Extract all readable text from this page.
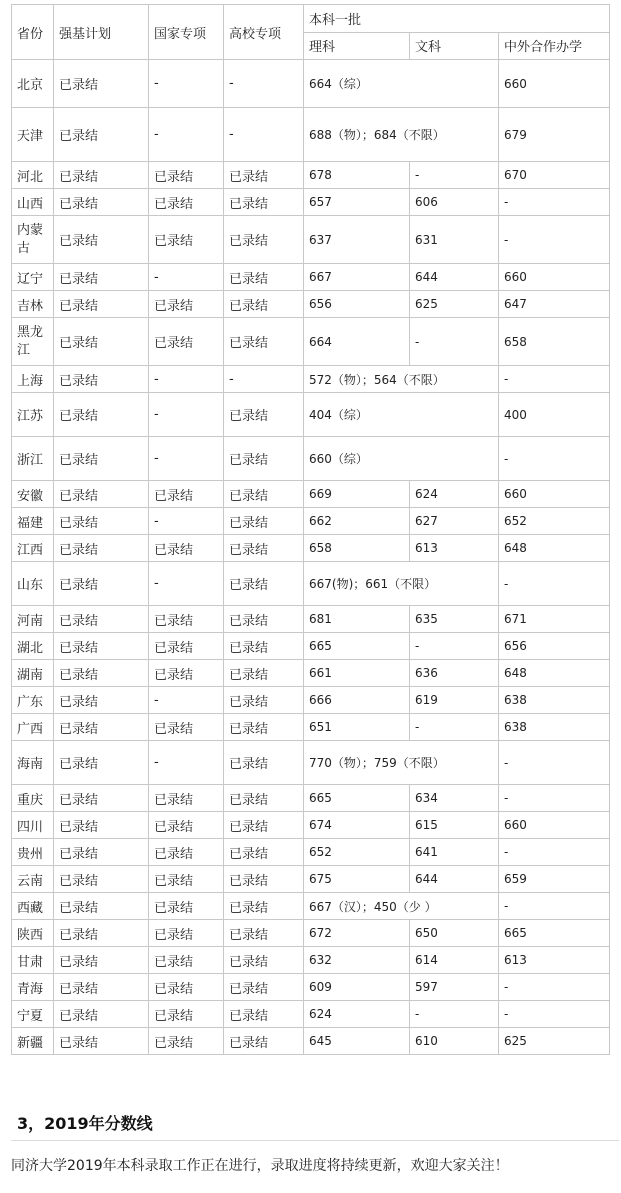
省份	强基计划	国家专项	高校专项	本科一批		
				理科	文科	中外合作办学
北京	已录结	-	-	664（综）		660
天津	已录结	-	-	688（物）；684（不限）		679
河北	已录结	已录结	已录结	678	-	670
山西	已录结	已录结	已录结	657	606	-
内蒙古	已录结	已录结	已录结	637	631	-
辽宁	已录结	-	已录结	667	644	660
吉林	已录结	已录结	已录结	656	625	647
黑龙江	已录结	已录结	已录结	664	-	658
上海	已录结	-	-	572（物）；564（不限）		-
江苏	已录结	-	已录结	404（综）		400
浙江	已录结	-	已录结	660（综）		-
安徽	已录结	已录结	已录结	669	624	660
福建	已录结	-	已录结	662	627	652
江西	已录结	已录结	已录结	658	613	648
山东	已录结	-	已录结	667(物)；661（不限）		-
河南	已录结	已录结	已录结	681	635	671
湖北	已录结	已录结	已录结	665	-	656
湖南	已录结	已录结	已录结	661	636	648
广东	已录结	-	已录结	666	619	638
广西	已录结	已录结	已录结	651	-	638
海南	已录结	-	已录结	770（物）；759（不限）		-
重庆	已录结	已录结	已录结	665	634	-
四川	已录结	已录结	已录结	674	615	660
贵州	已录结	已录结	已录结	652	641	-
云南	已录结	已录结	已录结	675	644	659
西藏	已录结	已录结	已录结	667（汉）；450（少 ）		-
陕西	已录结	已录结	已录结	672	650	665
甘肃	已录结	已录结	已录结	632	614	613
青海	已录结	已录结	已录结	609	597	-
宁夏	已录结	已录结	已录结	624	-	-
新疆	已录结	已录结	已录结	645	610	625
3，2019年分数线

同济大学2019年本科录取工作正在进行，录取进度将持续更新，欢迎大家关注！
